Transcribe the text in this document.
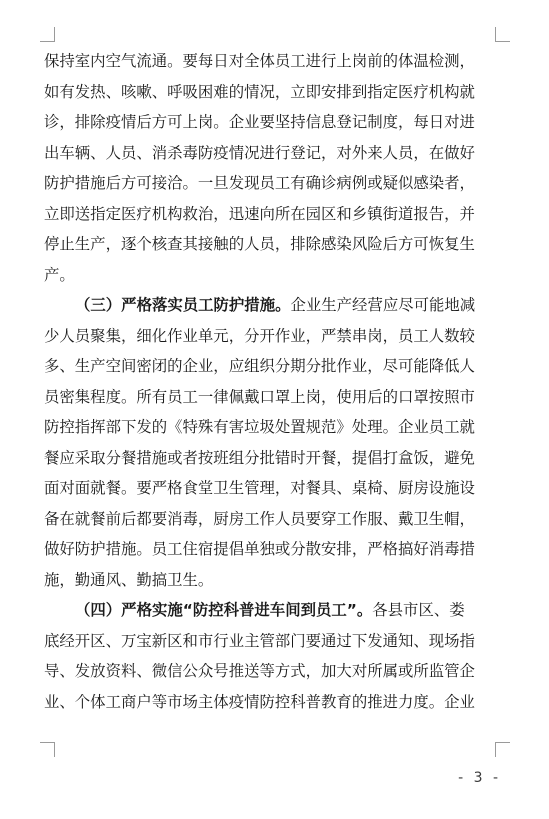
保持室内空气流通。要每日对全体员工进行上岗前的体温检测，
如有发热、咳嗽、呼吸困难的情况，立即安排到指定医疗机构就
诊，排除疫情后方可上岗。企业要坚持信息登记制度，每日对进
出车辆、人员、消杀毒防疫情况进行登记，对外来人员，在做好
防护措施后方可接洽。一旦发现员工有确诊病例或疑似感染者，
立即送指定医疗机构救治，迅速向所在园区和乡镇街道报告，并
停止生产，逐个核查其接触的人员，排除感染风险后方可恢复生
产。
（三）严格落实员工防护措施。企业生产经营应尽可能地减
少人员聚集，细化作业单元，分开作业，严禁串岗，员工人数较
多、生产空间密闭的企业，应组织分期分批作业，尽可能降低人
员密集程度。所有员工一律佩戴口罩上岗，使用后的口罩按照市
防控指挥部下发的《特殊有害垃圾处置规范》处理。企业员工就
餐应采取分餐措施或者按班组分批错时开餐，提倡打盒饭，避免
面对面就餐。要严格食堂卫生管理，对餐具、桌椅、厨房设施设
备在就餐前后都要消毒，厨房工作人员要穿工作服、戴卫生帽，
做好防护措施。员工住宿提倡单独或分散安排，严格搞好消毒措
施，勤通风、勤搞卫生。
（四）严格实施“防控科普进车间到员工”。各县市区、娄
底经开区、万宝新区和市行业主管部门要通过下发通知、现场指
导、发放资料、微信公众号推送等方式，加大对所属或所监管企
业、个体工商户等市场主体疫情防控科普教育的推进力度。企业
- 3 -
